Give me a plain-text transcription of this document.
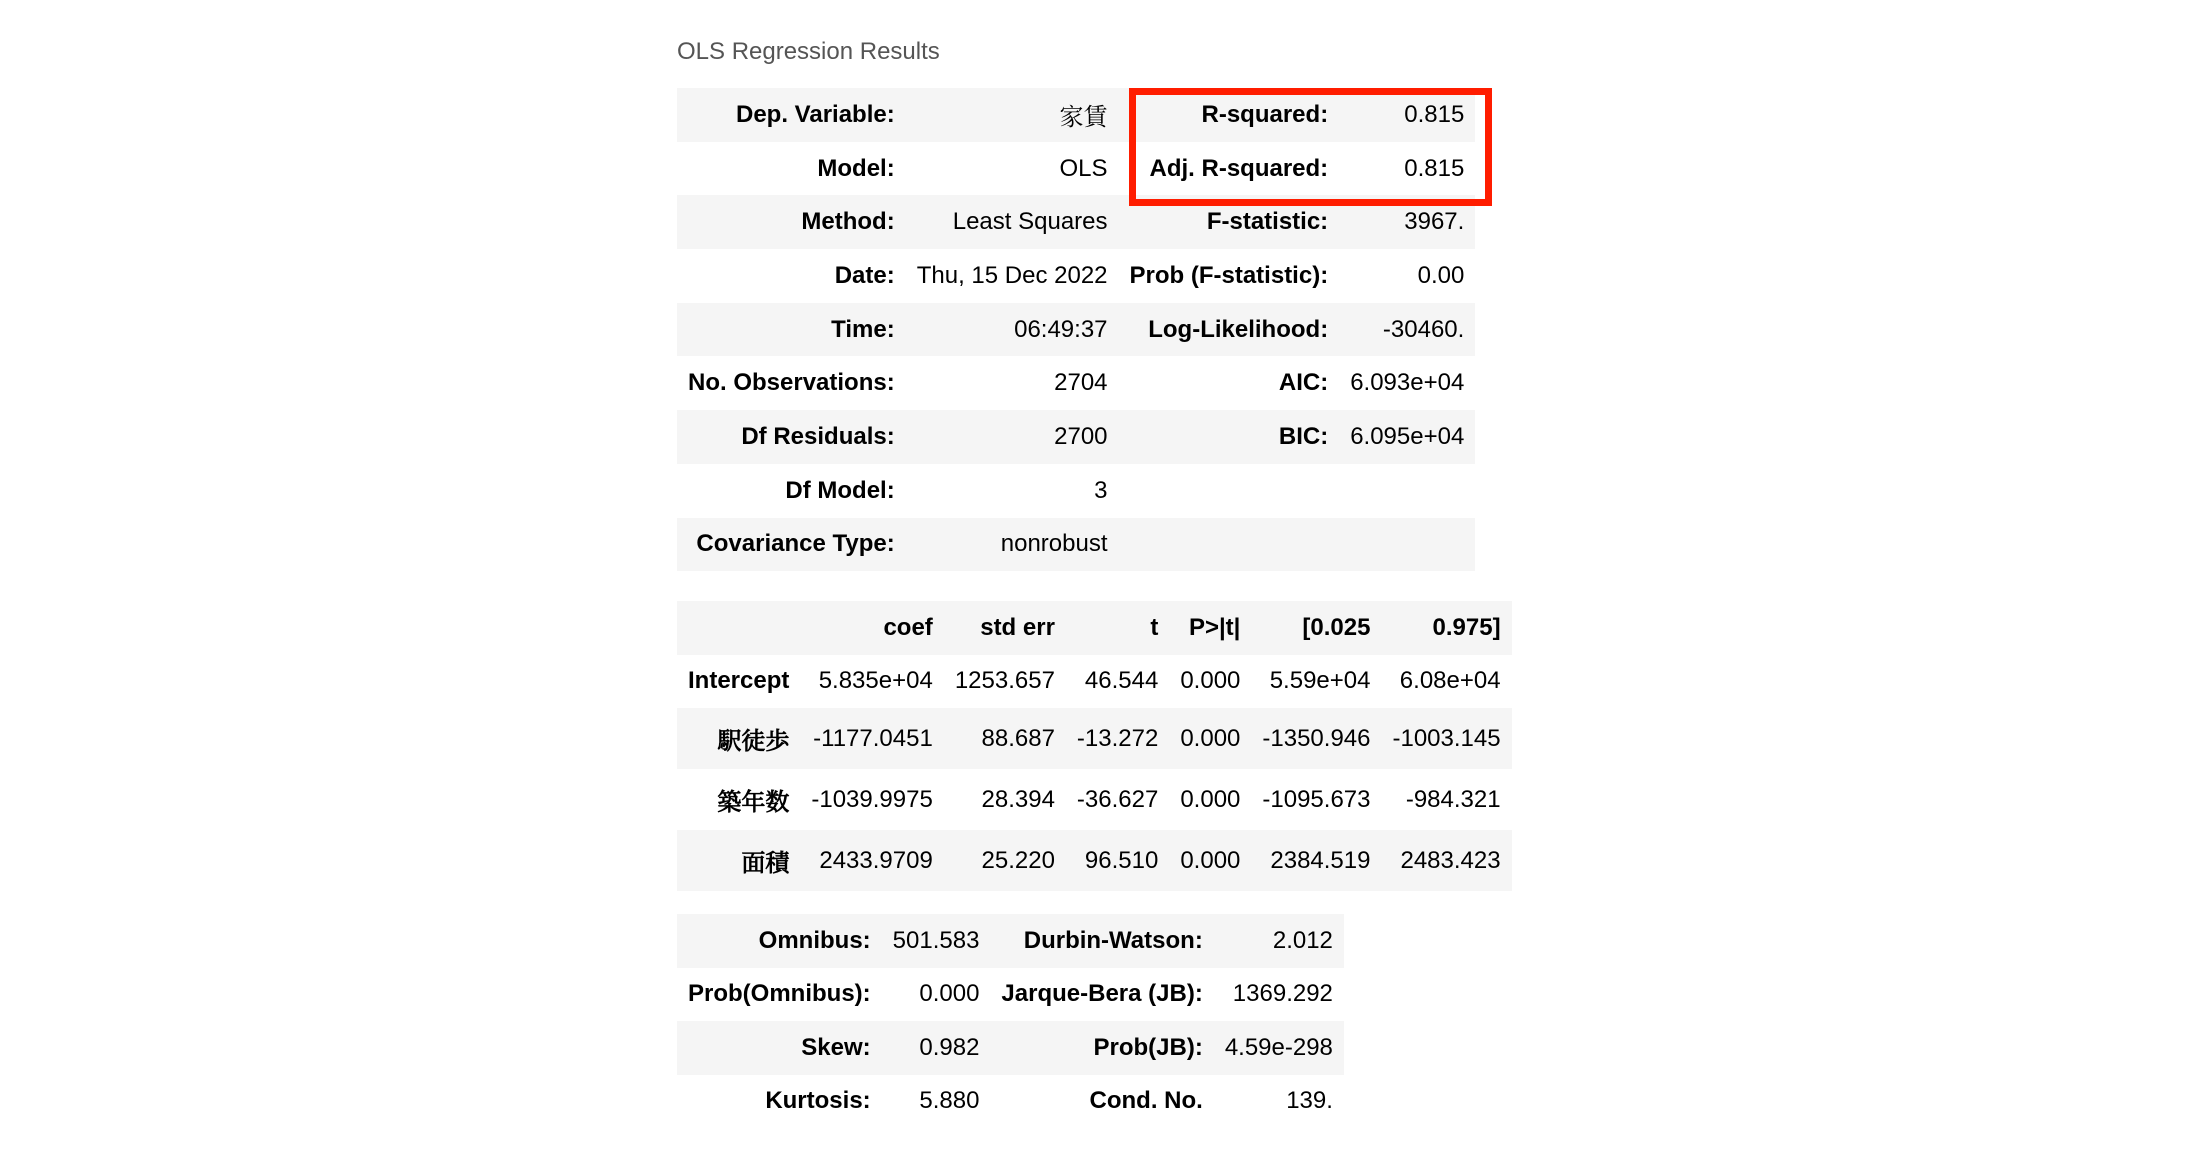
OLS Regression Results
Dep. Variable:	家賃	R-squared:	0.815
Model:	OLS	Adj. R-squared:	0.815
Method:	Least Squares	F-statistic:	3967.
Date:	Thu, 15 Dec 2022	Prob (F-statistic):	0.00
Time:	06:49:37	Log-Likelihood:	-30460.
No. Observations:	2704	AIC:	6.093e+04
Df Residuals:	2700	BIC:	6.095e+04
Df Model:	3		
Covariance Type:	nonrobust		
	coef	std err	t	P>|t|	[0.025	0.975]
Intercept	5.835e+04	1253.657	46.544	0.000	5.59e+04	6.08e+04
駅徒歩	-1177.0451	88.687	-13.272	0.000	-1350.946	-1003.145
築年数	-1039.9975	28.394	-36.627	0.000	-1095.673	-984.321
面積	2433.9709	25.220	96.510	0.000	2384.519	2483.423
Omnibus:	501.583	Durbin-Watson:	2.012
Prob(Omnibus):	0.000	Jarque-Bera (JB):	1369.292
Skew:	0.982	Prob(JB):	4.59e-298
Kurtosis:	5.880	Cond. No.	139.
